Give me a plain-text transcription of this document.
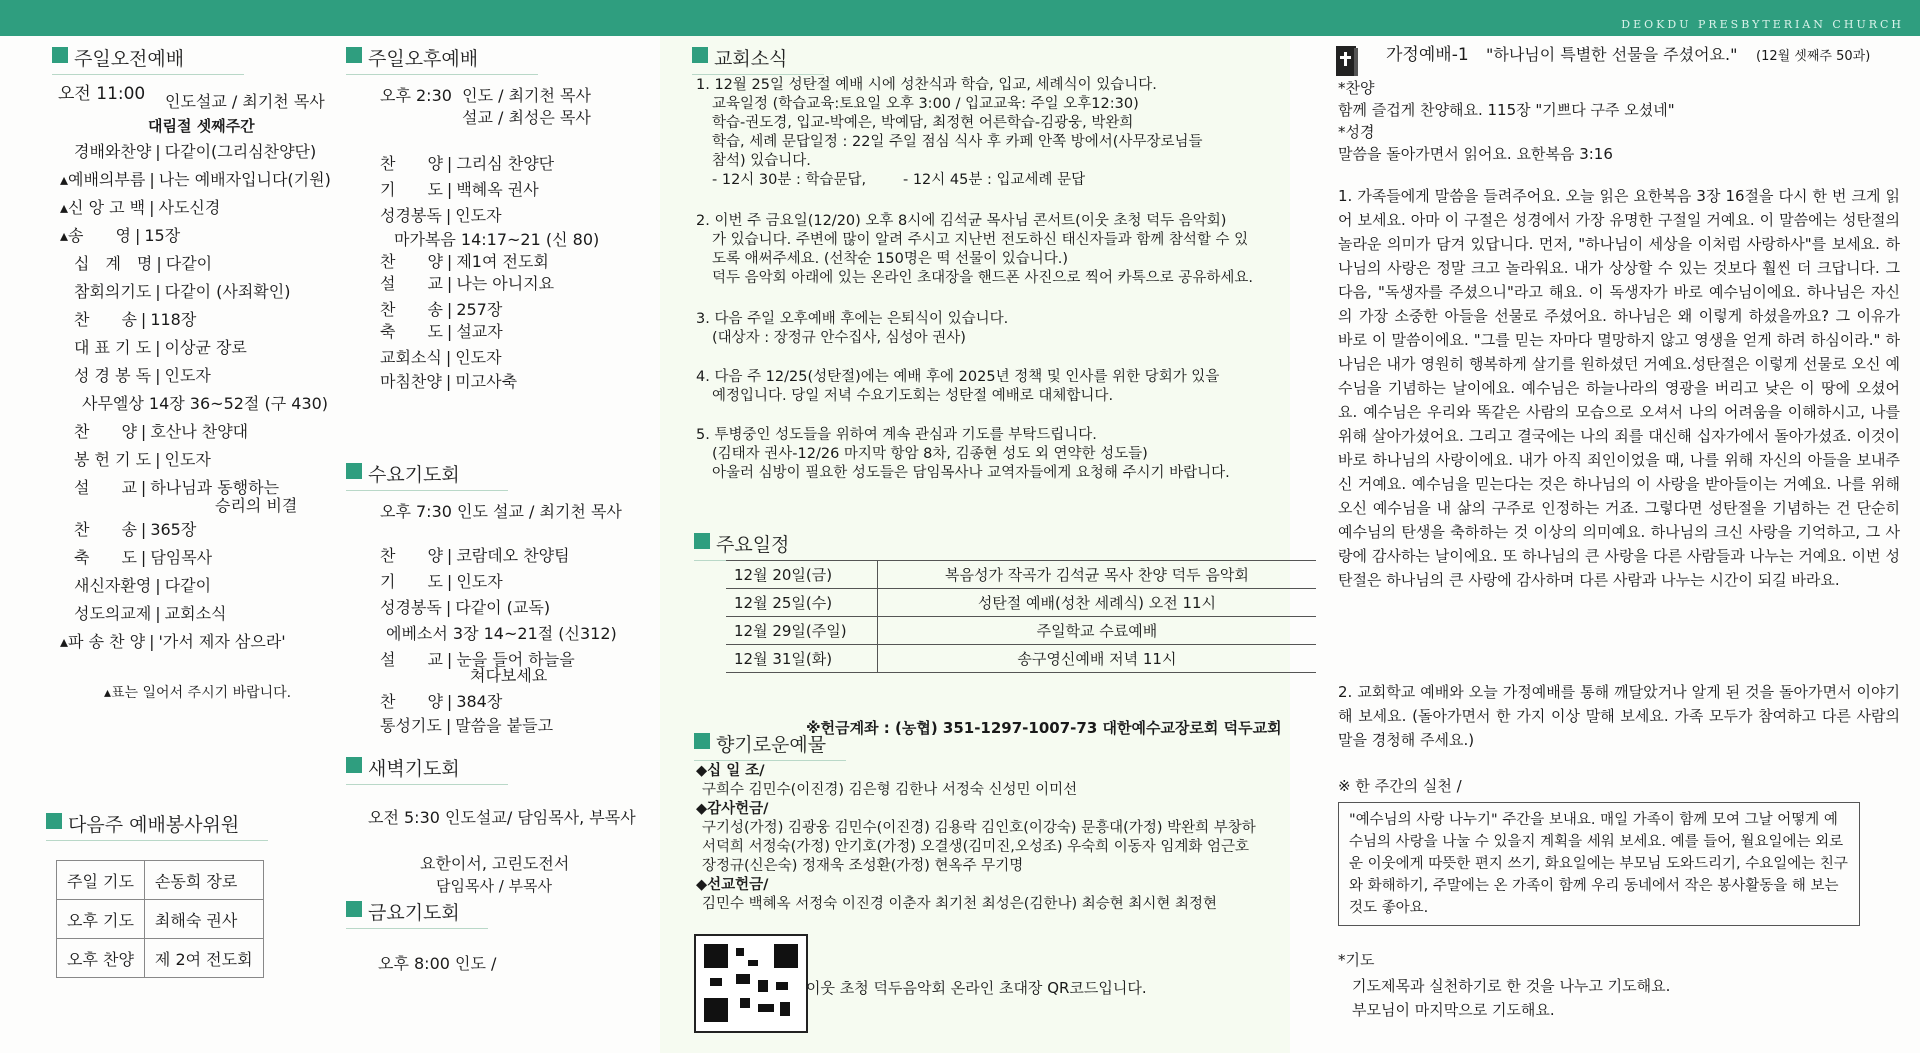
DEOKDU PRESBYTERIAN CHURCH
주일오전예배
오전 11:00 인도설교 / 최기천 목사
대림절 셋째주간
경배와찬양 | 다같이(그리심찬양단)
▴예배의부름 | 나는 예배자입니다(기원)
▴신 앙 고 백 | 사도신경
▴송　　영 | 15장
십　계　명 | 다같이
참회의기도 | 다같이 (사죄확인)
찬　　송 | 118장
대 표 기 도 | 이상균 장로
성 경 봉 독 | 인도자
사무엘상 14장 36~52절 (구 430)
찬　　양 | 호산나 찬양대
봉 헌 기 도 | 인도자
설　　교 | 하나님과 동행하는
승리의 비결
찬　　송 | 365장
축　　도 | 담임목사
새신자환영 | 다같이
성도의교제 | 교회소식
▴파 송 찬 양 | '가서 제자 삼으라'
▴표는 일어서 주시기 바랍니다.
다음주 예배봉사위원
주일 기도	손동희 장로
오후 기도	최해숙 권사
오후 찬양	제 2여 전도회
주일오후예배
오후 2:30 인도 / 최기천 목사
설교 / 최성은 목사
찬　　양 | 그리심 찬양단
기　　도 | 백혜옥 권사
성경봉독 | 인도자
마가복음 14:17~21 (신 80)
찬　　양 | 제1여 전도회
설　　교 | 나는 아니지요
찬　　송 | 257장
축　　도 | 설교자
교회소식 | 인도자
마침찬양 | 미고사축
수요기도회
오후 7:30 인도 설교 / 최기천 목사
찬　　양 | 코람데오 찬양팀
기　　도 | 인도자
성경봉독 | 다같이 (교독)
에베소서 3장 14~21절 (신312)
설　　교 | 눈을 들어 하늘을
쳐다보세요
찬　　양 | 384장
통성기도 | 말씀을 붙들고
새벽기도회
오전 5:30 인도설교/ 담임목사, 부목사
요한이서, 고린도전서
담임목사 / 부목사
금요기도회
오후 8:00 인도 /
교회소식

1. 12월 25일 성탄절 예배 시에 성찬식과 학습, 입교, 세례식이 있습니다.

교육일정 (학습교육:토요일 오후 3:00 / 입교교육: 주일 오후12:30)

학습-권도경, 입교-박예은, 박예담, 최정현 어른학습-김광웅, 박완희

학습, 세례 문답일정 : 22일 주일 점심 식사 후 카페 안쪽 방에서(사무장로님들

참석) 있습니다.

- 12시 30분 : 학습문답,        - 12시 45분 : 입교세례 문답

2. 이번 주 금요일(12/20) 오후 8시에 김석균 목사님 콘서트(이웃 초청 덕두 음악회)

가 있습니다. 주변에 많이 알려 주시고 지난번 전도하신 태신자들과 함께 참석할 수 있

도록 애써주세요. (선착순 150명은 떡 선물이 있습니다.)

덕두 음악회 아래에 있는 온라인 초대장을 핸드폰 사진으로 찍어 카톡으로 공유하세요.

3. 다음 주일 오후예배 후에는 은퇴식이 있습니다.

(대상자 : 장정규 안수집사, 심성아 권사)

4. 다음 주 12/25(성탄절)에는 예배 후에 2025년 정책 및 인사를 위한 당회가 있을

예정입니다. 당일 저녁 수요기도회는 성탄절 예배로 대체합니다.

5. 투병중인 성도들을 위하여 계속 관심과 기도를 부탁드립니다.

(김태자 권사-12/26 마지막 항암 8차, 김종현 성도 외 연약한 성도들)

아울러 심방이 필요한 성도들은 담임목사나 교역자들에게 요청해 주시기 바랍니다.

주요일정
12월 20일(금)	복음성가 작곡가 김석균 목사 찬양 덕두 음악회
12월 25일(수)	성탄절 예배(성찬 세례식) 오전 11시
12월 29일(주일)	주일학교 수료예배
12월 31일(화)	송구영신예배 저녁 11시
※헌금계좌 : (농협) 351-1297-1007-73 대한예수교장로회 덕두교회
향기로운예물

◆십 일 조/

구희수 김민수(이진경) 김은형 김한나 서정숙 신성민 이미선

◆감사헌금/

구기성(가정) 김광웅 김민수(이진경) 김용락 김인호(이강숙) 문흥대(가정) 박완희 부창하

서덕희 서정숙(가정) 안기호(가정) 오결생(김미진,오성조) 우숙희 이동자 임계화 엄근호

장정규(신은숙) 정재욱 조성환(가정) 현옥주 무기명

◆선교헌금/

김민수 백혜옥 서정숙 이진경 이춘자 최기천 최성은(김한나) 최승현 최시현 최정현

이웃 초청 덕두음악회 온라인 초대장 QR코드입니다.
가정예배-1 "하나님이 특별한 선물을 주셨어요." (12월 셋째주 50과)
*찬양
함께 즐겁게 찬양해요. 115장 "기쁘다 구주 오셨네"
*성경
말씀을 돌아가면서 읽어요. 요한복음 3:16
1. 가족들에게 말씀을 들려주어요. 오늘 읽은 요한복음 3장 16절을 다시 한 번 크게 읽어 보세요. 아마 이 구절은 성경에서 가장 유명한 구절일 거예요. 이 말씀에는 성탄절의 놀라운 의미가 담겨 있답니다. 먼저, "하나님이 세상을 이처럼 사랑하사"를 보세요. 하나님의 사랑은 정말 크고 놀라워요. 내가 상상할 수 있는 것보다 훨씬 더 크답니다. 그 다음, "독생자를 주셨으니"라고 해요. 이 독생자가 바로 예수님이에요. 하나님은 자신의 가장 소중한 아들을 선물로 주셨어요. 하나님은 왜 이렇게 하셨을까요? 그 이유가 바로 이 말씀이에요. "그를 믿는 자마다 멸망하지 않고 영생을 얻게 하려 하심이라." 하나님은 내가 영원히 행복하게 살기를 원하셨던 거예요.성탄절은 이렇게 선물로 오신 예수님을 기념하는 날이에요. 예수님은 하늘나라의 영광을 버리고 낮은 이 땅에 오셨어요. 예수님은 우리와 똑같은 사람의 모습으로 오셔서 나의 어려움을 이해하시고, 나를 위해 살아가셨어요. 그리고 결국에는 나의 죄를 대신해 십자가에서 돌아가셨죠. 이것이 바로 하나님의 사랑이에요. 내가 아직 죄인이었을 때, 나를 위해 자신의 아들을 보내주신 거예요. 예수님을 믿는다는 것은 하나님의 이 사랑을 받아들이는 거예요. 나를 위해 오신 예수님을 내 삶의 구주로 인정하는 거죠. 그렇다면 성탄절을 기념하는 건 단순히 예수님의 탄생을 축하하는 것 이상의 의미예요. 하나님의 크신 사랑을 기억하고, 그 사랑에 감사하는 날이에요. 또 하나님의 큰 사랑을 다른 사람들과 나누는 거예요. 이번 성탄절은 하나님의 큰 사랑에 감사하며 다른 사람과 나누는 시간이 되길 바라요.
2. 교회학교 예배와 오늘 가정예배를 통해 깨달았거나 알게 된 것을 돌아가면서 이야기해 보세요. (돌아가면서 한 가지 이상 말해 보세요. 가족 모두가 참여하고 다른 사람의 말을 경청해 주세요.)
※ 한 주간의 실천 /
"예수님의 사랑 나누기" 주간을 보내요. 매일 가족이 함께 모여 그날 어떻게 예수님의 사랑을 나눌 수 있을지 계획을 세워 보세요. 예를 들어, 월요일에는 외로운 이웃에게 따뜻한 편지 쓰기, 화요일에는 부모님 도와드리기, 수요일에는 친구와 화해하기, 주말에는 온 가족이 함께 우리 동네에서 작은 봉사활동을 해 보는 것도 좋아요.
*기도
기도제목과 실천하기로 한 것을 나누고 기도해요.
부모님이 마지막으로 기도해요.
